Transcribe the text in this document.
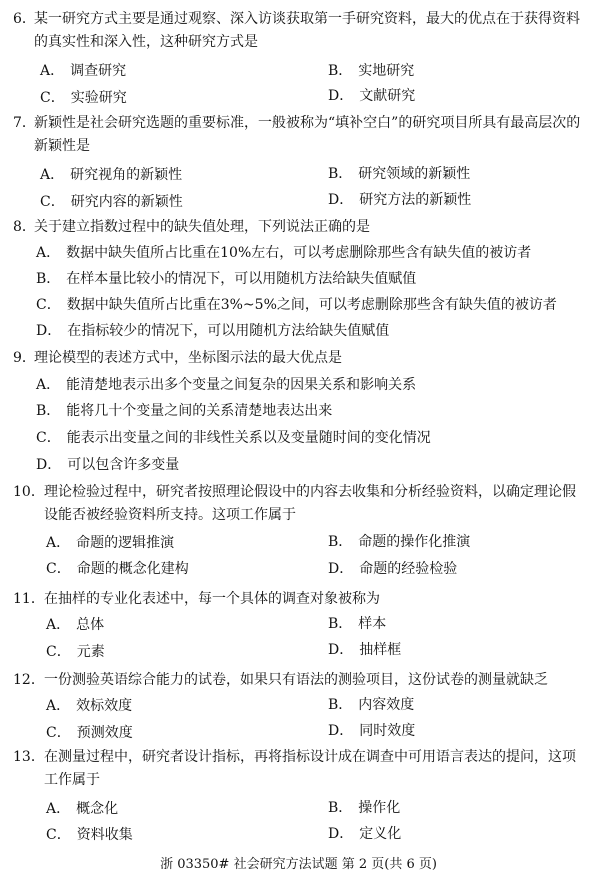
6．
某一研究方式主要是通过观察、深入访谈获取第一手研究资料，最大的优点在于获得资料的真实性和深入性，这种研究方式是
A． 调查研究	B． 实地研究
C． 实验研究	D． 文献研究
7．
新颖性是社会研究选题的重要标准，一般被称为“填补空白”的研究项目所具有最高层次的新颖性是
A． 研究视角的新颖性	B． 研究领域的新颖性
C． 研究内容的新颖性	D． 研究方法的新颖性
8．
关于建立指数过程中的缺失值处理，下列说法正确的是
A． 数据中缺失值所占比重在10%左右，可以考虑删除那些含有缺失值的被访者
B． 在样本量比较小的情况下，可以用随机方法给缺失值赋值
C． 数据中缺失值所占比重在3%~5%之间，可以考虑删除那些含有缺失值的被访者
D． 在指标较少的情况下，可以用随机方法给缺失值赋值
9．
理论模型的表述方式中，坐标图示法的最大优点是
A． 能清楚地表示出多个变量之间复杂的因果关系和影响关系
B． 能将几十个变量之间的关系清楚地表达出来
C． 能表示出变量之间的非线性关系以及变量随时间的变化情况
D． 可以包含许多变量
10． 理论检验过程中，研究者按照理论假设中的内容去收集和分析经验资料，以确定理论假设能否被经验资料所支持。这项工作属于
A． 命题的逻辑推演	B． 命题的操作化推演
C． 命题的概念化建构	D． 命题的经验检验
11． 在抽样的专业化表述中，每一个具体的调查对象被称为
A． 总体	B． 样本
C． 元素	D． 抽样框
12． 一份测验英语综合能力的试卷，如果只有语法的测验项目，这份试卷的测量就缺乏
A． 效标效度	B． 内容效度
C． 预测效度	D． 同时效度
13． 在测量过程中，研究者设计指标，再将指标设计成在调查中可用语言表达的提问，这项工作属于
A． 概念化	B． 操作化
C． 资料收集	D． 定义化
浙 03350# 社会研究方法试题 第 2 页(共 6 页)
